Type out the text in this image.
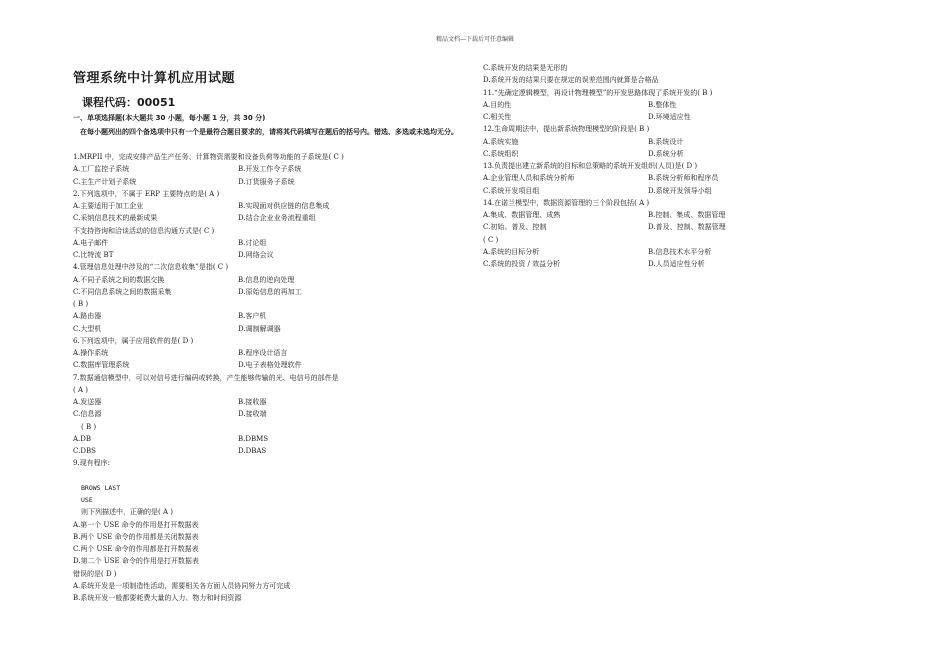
精品文档---下载后可任意编辑
管理系统中计算机应用试题
课程代码：00051
一、单项选择题(本大题共 30 小题，每小题 1 分，共 30 分)
在每小题列出的四个备选项中只有一个是最符合题目要求的，请将其代码填写在题后的括号内。错选、多选或未选均无分。
1.MRPII 中，完成安排产品生产任务、计算物资需要和设备负荷等功能的子系统是( C )
A.工厂监控子系统	B.开发工作令子系统
C.主生产计划子系统	D.订货服务子系统
2.下列选项中，不属于 ERP 主要特点的是( A )
A.主要适用于加工企业	B.实现面对供应链的信息集成
C.采纳信息技术的最新成果	D.结合企业业务流程重组
不支持咨询和洽谈活动的信息沟通方式是( C )
A.电子邮件	B.讨论组
C.比特流 BT	D.网络会议
4.管理信息处理中涉及的“二次信息收集”是指( C )
A.不同子系统之间的数据交换	B.信息的逆向处理
C.不同信息系统之间的数据采集	D.原始信息的再加工
( B )
A.路由器	B.客户机
C.大型机	D.调制解调器
6.下列选项中，属于应用软件的是( D )
A.操作系统	B.程序设计语言
C.数据库管理系统	D.电子表格处理软件
7.数据通信模型中，可以对信号进行编码或转换，产生能够传输的光、电信号的部件是
( A )
A.发送器	B.接收器
C.信息源	D.接收端
( B )
A.DB	B.DBMS
C.DBS	D.DBAS
9.现有程序:
BROWS LAST
USE
则下列描述中，正确的是( A )
A.第一个 USE 命令的作用是打开数据表
B.两个 USE 命令的作用都是关闭数据表
C.两个 USE 命令的作用都是打开数据表
D.第二个 USE 命令的作用是打开数据表
错误的是( D )
A.系统开发是一项制造性活动，需要相关各方面人员协同努力方可完成
B.系统开发一般都要耗费大量的人力、物力和时间资源
C.系统开发的结果是无形的
D.系统开发的结果只要在规定的误差范围内就算是合格品
11.“先确定逻辑模型，再设计物理模型”的开发思路体现了系统开发的( B )
A.目的性	B.整体性
C.相关性	D.环境适应性
12.生命周期法中，提出新系统物理模型的阶段是( B )
A.系统实施	B.系统设计
C.系统组织	D.系统分析
13.负责提出建立新系统的目标和总策略的系统开发组织(人员)是( D )
A.企业管理人员和系统分析师	B.系统分析师和程序员
C.系统开发项目组	D.系统开发领导小组
14.在诺兰模型中，数据资源管理的三个阶段包括( A )
A.集成、数据管理、成熟	B.控制、集成、数据管理
C.初始、普及、控制	D.普及、控制、数据管理
( C )
A.系统的目标分析	B.信息技术水平分析
C.系统的投资 / 效益分析	D.人员适应性分析
